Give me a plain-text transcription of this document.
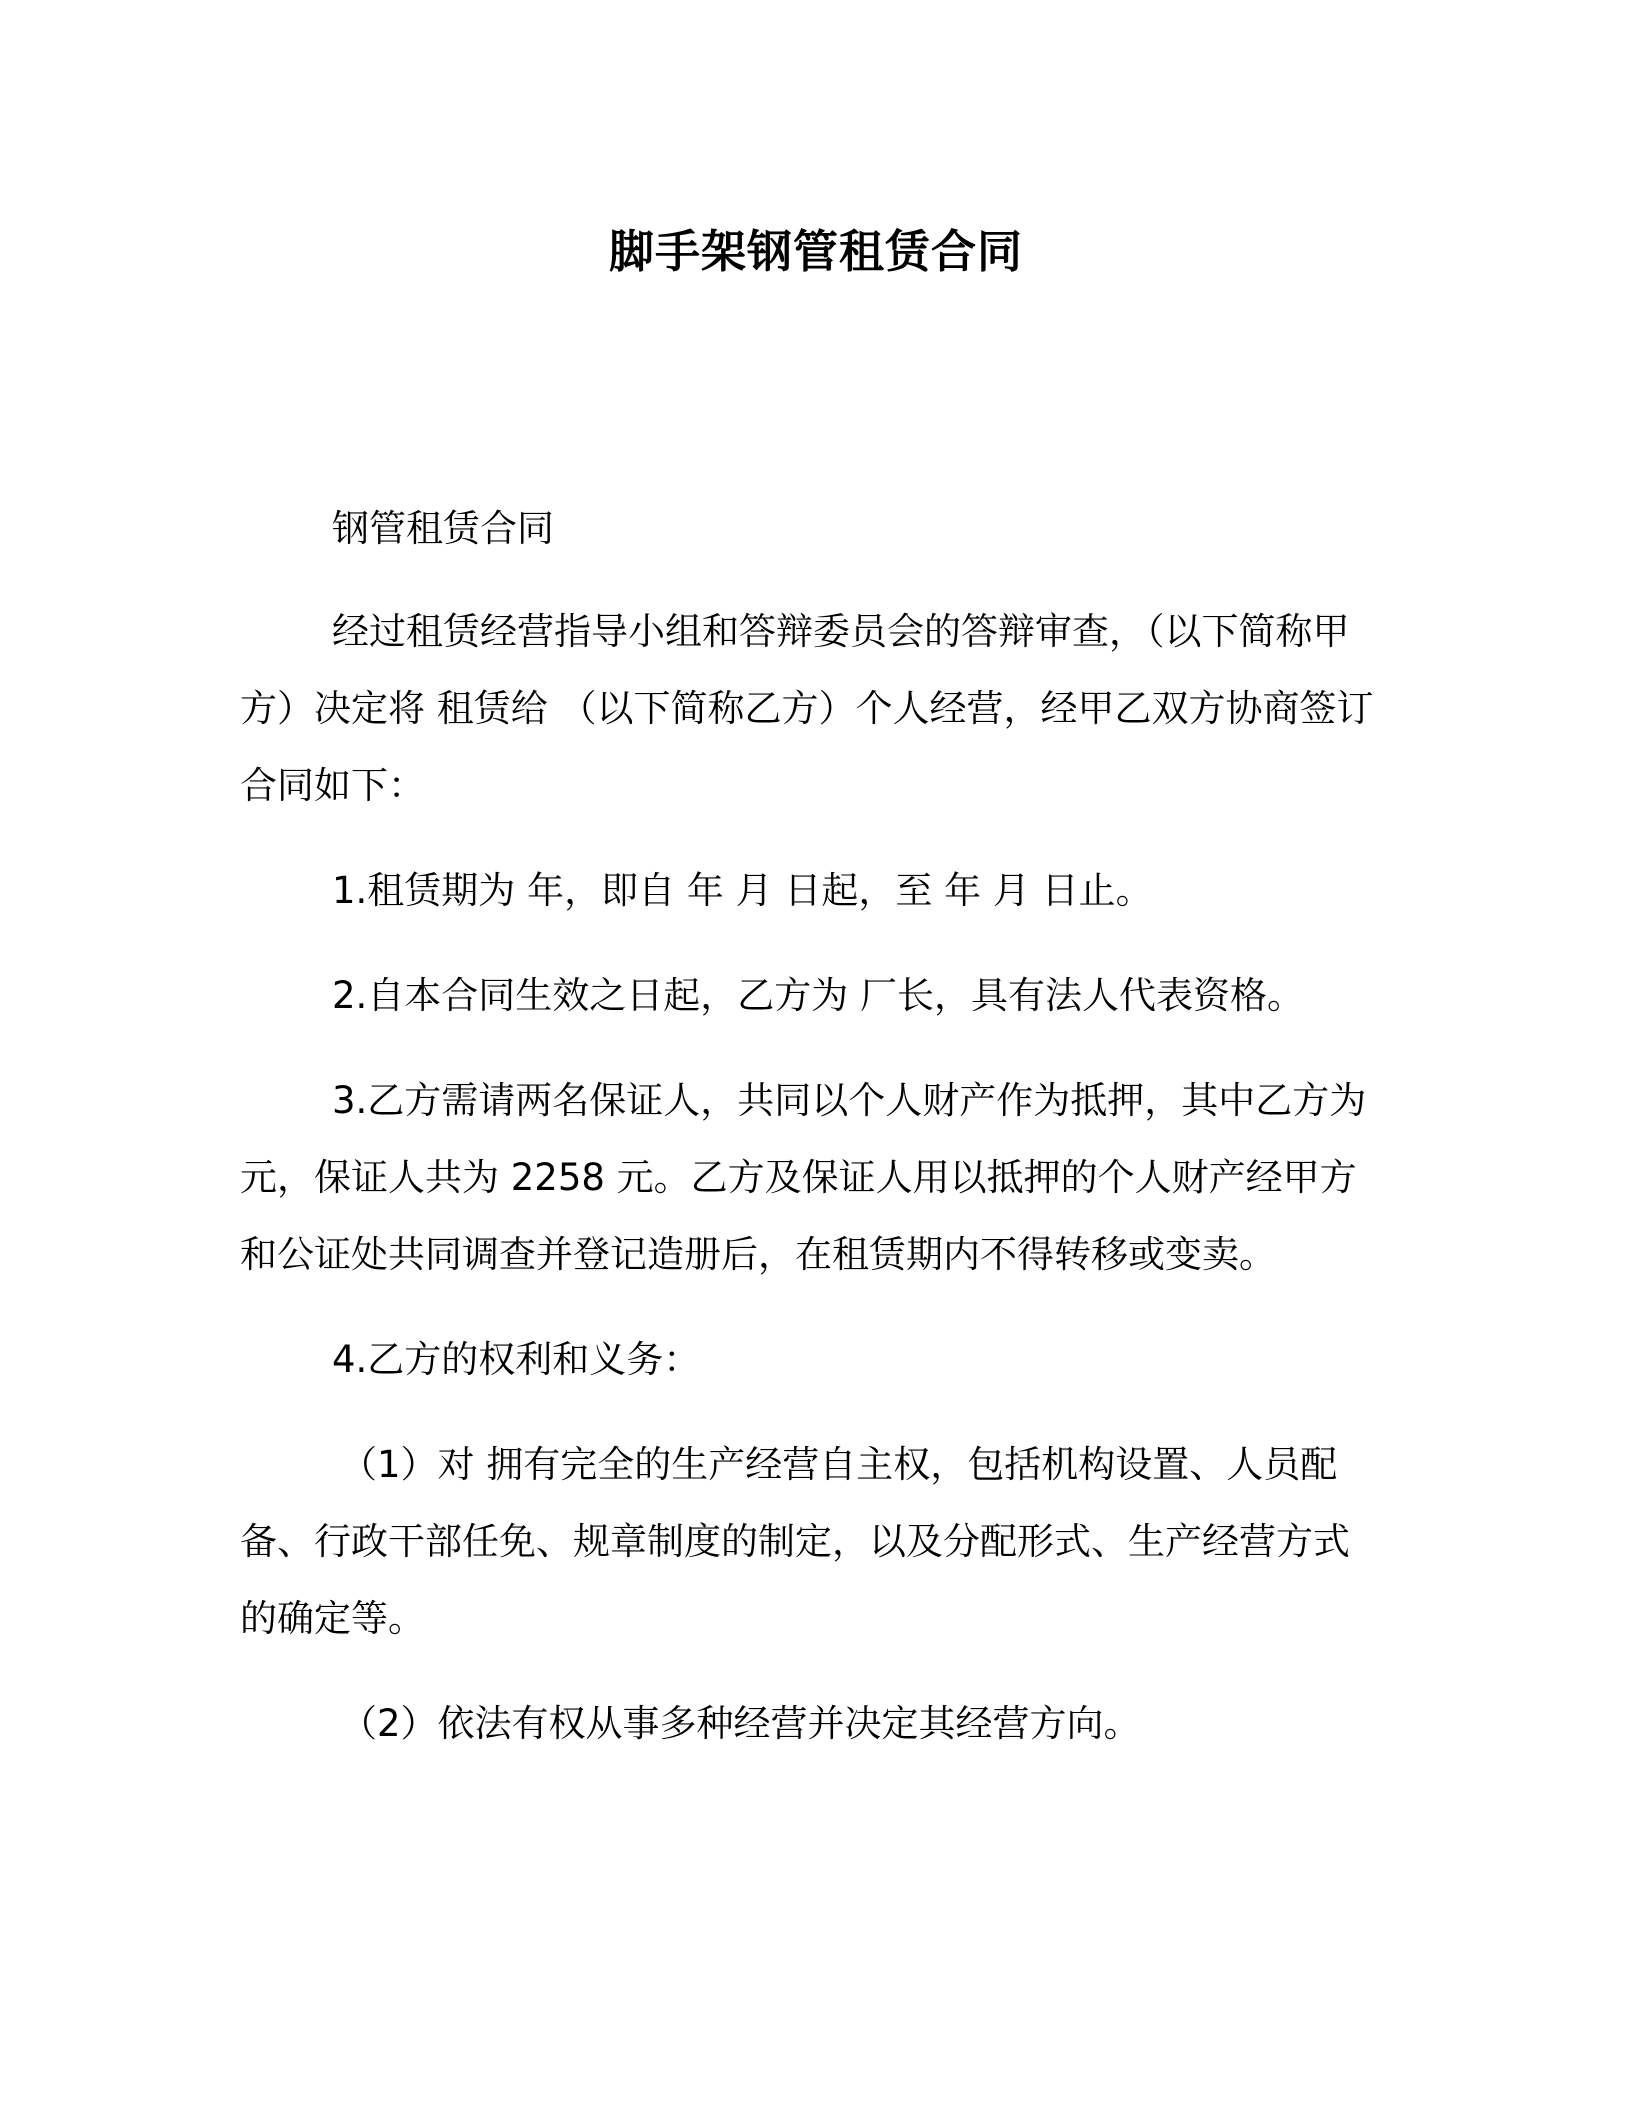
脚手架钢管租赁合同

钢管租赁合同

经过租赁经营指导小组和答辩委员会的答辩审查，（以下简称甲方）决定将 租赁给 （以下简称乙方）个人经营，经甲乙双方协商签订合同如下：

1.租赁期为 年，即自 年 月 日起，至 年 月 日止。

2.自本合同生效之日起，乙方为 厂长，具有法人代表资格。

3.乙方需请两名保证人，共同以个人财产作为抵押，其中乙方为 元，保证人共为 2258 元。乙方及保证人用以抵押的个人财产经甲方和公证处共同调查并登记造册后，在租赁期内不得转移或变卖。

4.乙方的权利和义务：

（1）对 拥有完全的生产经营自主权，包括机构设置、人员配备、行政干部任免、规章制度的制定，以及分配形式、生产经营方式的确定等。

（2）依法有权从事多种经营并决定其经营方向。
